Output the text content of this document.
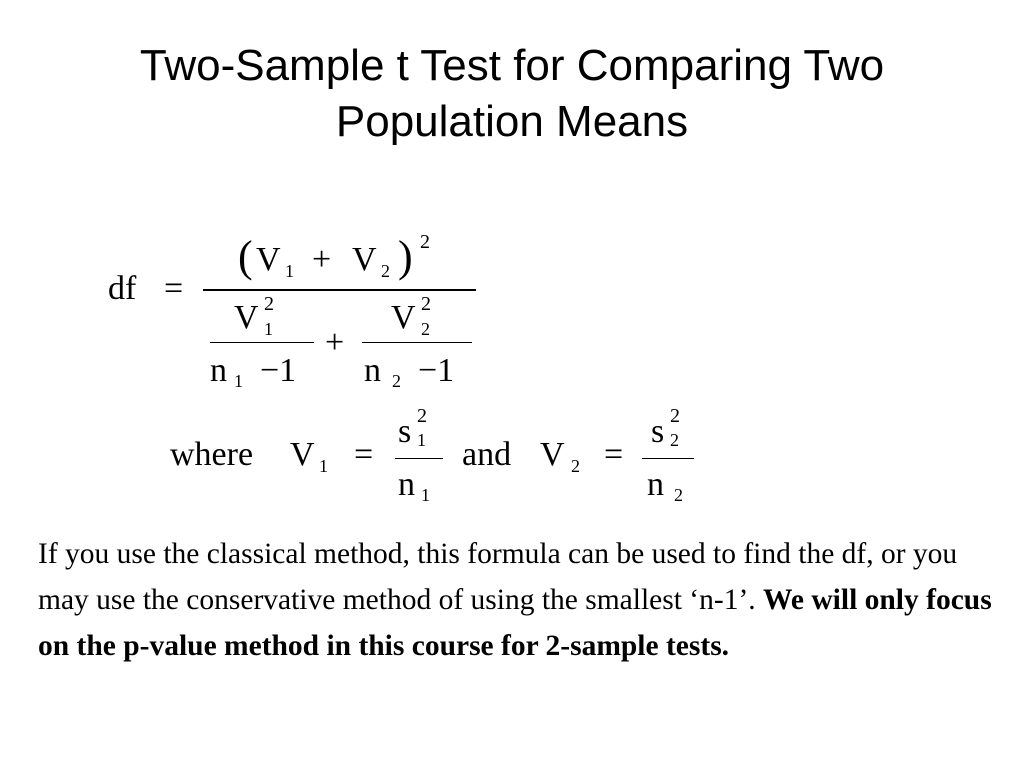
Two-Sample t Test for Comparing Two
Population Means
df =
( V 1 + V 2 ) 2
V 2
1
n 1 −1
+
V 2
2
n 2 −1
where V 1 =
s 2
1
n 1
and V 2 =
s 2
2
n 2
If you use the classical method, this formula can be used to find the df, or you may use the conservative method of using the smallest ‘n-1’. We will only focus on the p-value method in this course for 2-sample tests.
